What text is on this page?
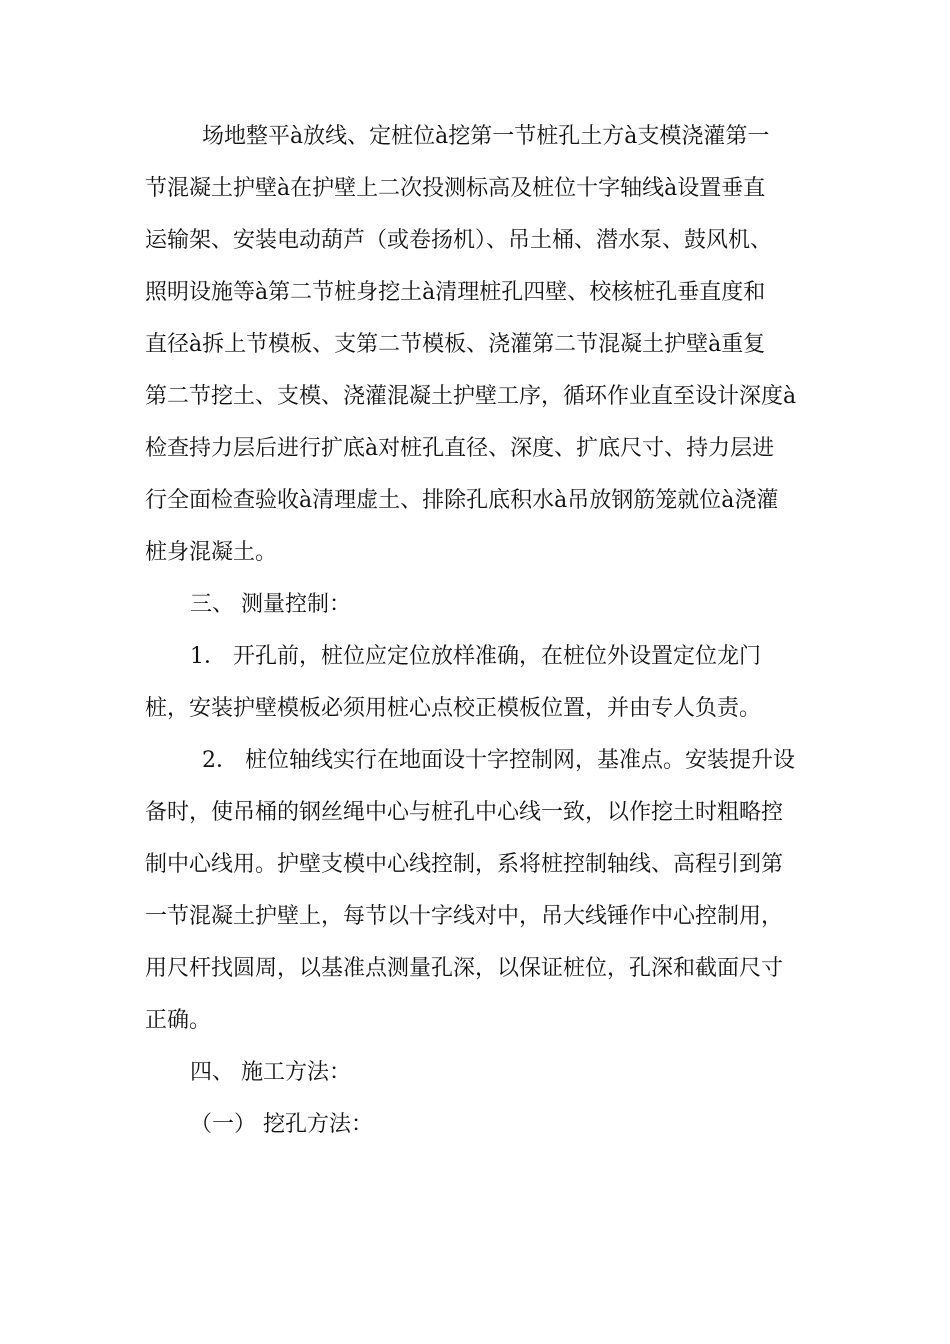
场地整平à放线、定桩位à挖第一节桩孔土方à支模浇灌第一
节混凝土护壁à在护壁上二次投测标高及桩位十字轴线à设置垂直
运输架、安装电动葫芦（或卷扬机）、吊土桶、潜水泵、鼓风机、
照明设施等à第二节桩身挖土à清理桩孔四壁、校核桩孔垂直度和
直径à拆上节模板、支第二节模板、浇灌第二节混凝土护壁à重复
第二节挖土、支模、浇灌混凝土护壁工序，循环作业直至设计深度à
检查持力层后进行扩底à对桩孔直径、深度、扩底尺寸、持力层进
行全面检查验收à清理虚土、排除孔底积水à吊放钢筋笼就位à浇灌
桩身混凝土。
三、 测量控制：
1． 开孔前，桩位应定位放样准确，在桩位外设置定位龙门
桩，安装护壁模板必须用桩心点校正模板位置，并由专人负责。
2． 桩位轴线实行在地面设十字控制网，基准点。安装提升设
备时，使吊桶的钢丝绳中心与桩孔中心线一致，以作挖土时粗略控
制中心线用。护壁支模中心线控制，系将桩控制轴线、高程引到第
一节混凝土护壁上，每节以十字线对中，吊大线锤作中心控制用，
用尺杆找圆周，以基准点测量孔深，以保证桩位，孔深和截面尺寸
正确。
四、 施工方法：
（一） 挖孔方法：
